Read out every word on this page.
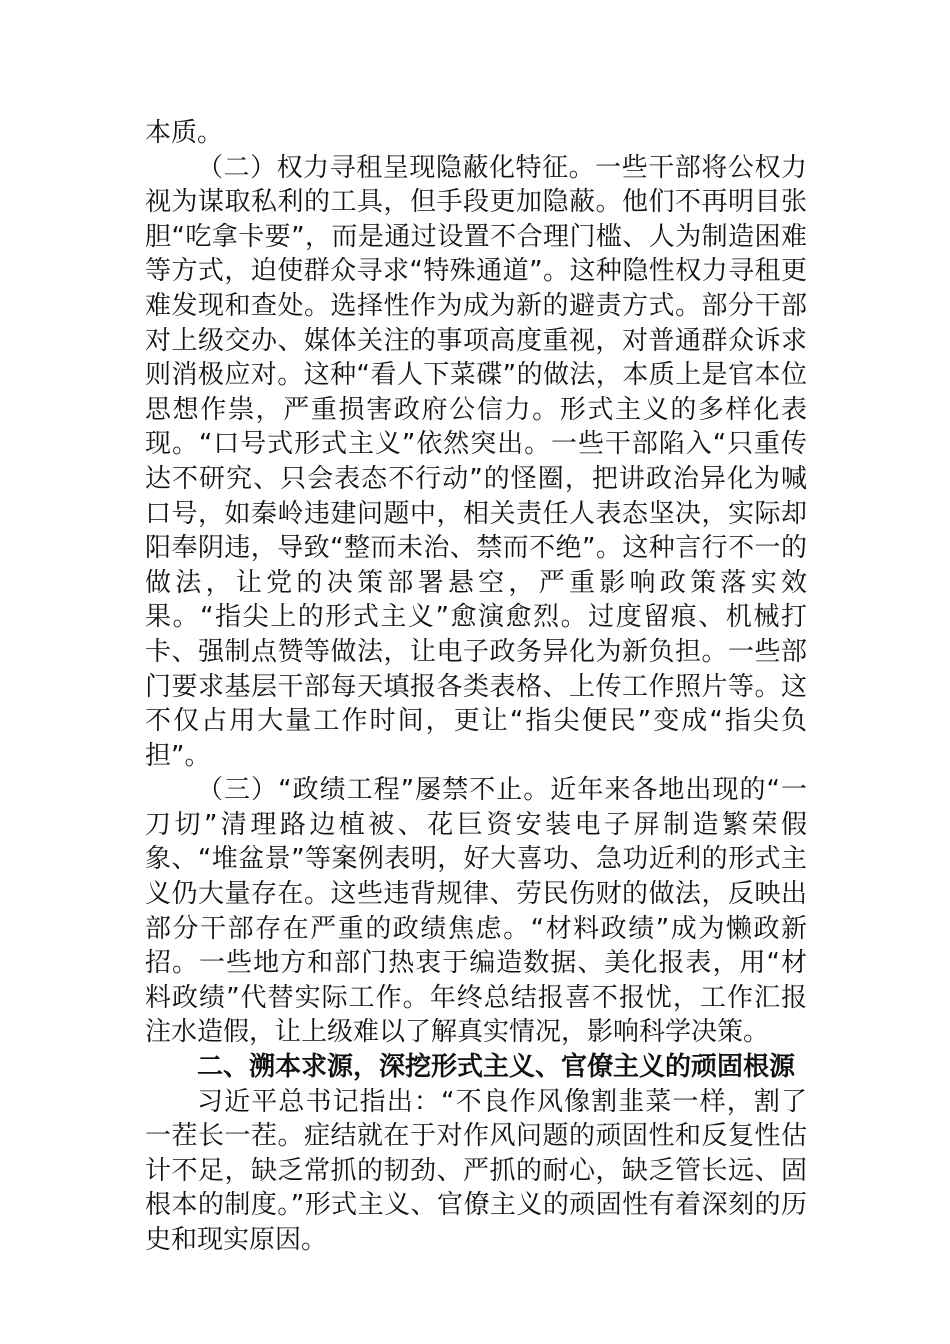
本质。

（二）权力寻租呈现隐蔽化特征。一些干部将公权力视为谋取私利的工具，但手段更加隐蔽。他们不再明目张胆“吃拿卡要”，而是通过设置不合理门槛、人为制造困难等方式，迫使群众寻求“特殊通道”。这种隐性权力寻租更难发现和查处。选择性作为成为新的避责方式。部分干部对上级交办、媒体关注的事项高度重视，对普通群众诉求则消极应对。这种“看人下菜碟”的做法，本质上是官本位思想作祟，严重损害政府公信力。形式主义的多样化表现。“口号式形式主义”依然突出。一些干部陷入“只重传达不研究、只会表态不行动”的怪圈，把讲政治异化为喊口号，如秦岭违建问题中，相关责任人表态坚决，实际却阳奉阴违，导致“整而未治、禁而不绝”。这种言行不一的做法，让党的决策部署悬空，严重影响政策落实效果。“指尖上的形式主义”愈演愈烈。过度留痕、机械打卡、强制点赞等做法，让电子政务异化为新负担。一些部门要求基层干部每天填报各类表格、上传工作照片等。这不仅占用大量工作时间，更让“指尖便民”变成“指尖负担”。

（三）“政绩工程”屡禁不止。近年来各地出现的“一刀切”清理路边植被、花巨资安装电子屏制造繁荣假象、“堆盆景”等案例表明，好大喜功、急功近利的形式主义仍大量存在。这些违背规律、劳民伤财的做法，反映出部分干部存在严重的政绩焦虑。“材料政绩”成为懒政新招。一些地方和部门热衷于编造数据、美化报表，用“材料政绩”代替实际工作。年终总结报喜不报忧，工作汇报注水造假，让上级难以了解真实情况，影响科学决策。

二、溯本求源，深挖形式主义、官僚主义的顽固根源

习近平总书记指出：“不良作风像割韭菜一样，割了一茬长一茬。症结就在于对作风问题的顽固性和反复性估计不足，缺乏常抓的韧劲、严抓的耐心，缺乏管长远、固根本的制度。”形式主义、官僚主义的顽固性有着深刻的历史和现实原因。
